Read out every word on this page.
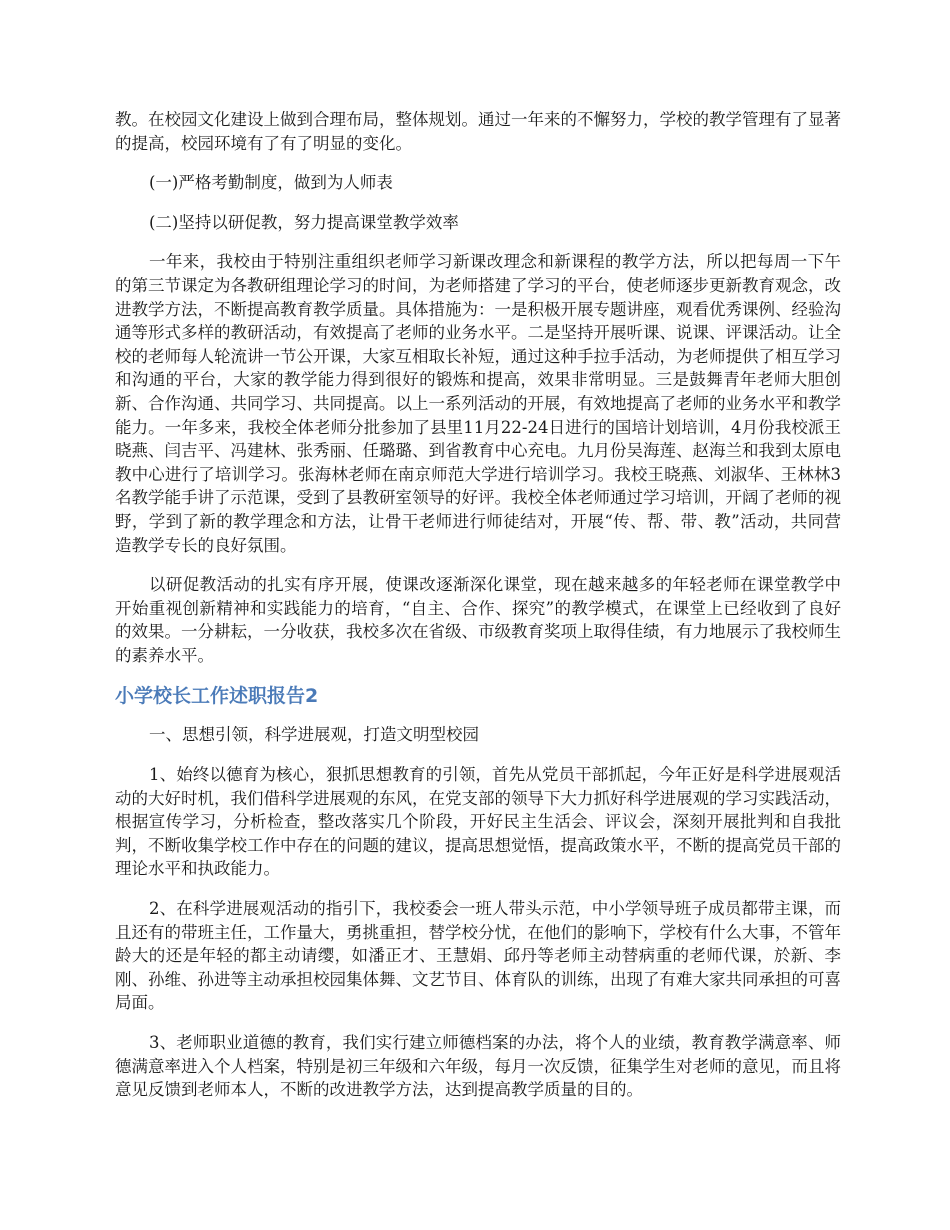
教。在校园文化建设上做到合理布局，整体规划。通过一年来的不懈努力，学校的教学管理有了显著的提高，校园环境有了有了明显的变化。

(一)严格考勤制度，做到为人师表

(二)坚持以研促教，努力提高课堂教学效率

一年来，我校由于特别注重组织老师学习新课改理念和新课程的教学方法，所以把每周一下午的第三节课定为各教研组理论学习的时间，为老师搭建了学习的平台，使老师逐步更新教育观念，改进教学方法，不断提高教育教学质量。具体措施为：一是积极开展专题讲座，观看优秀课例、经验沟通等形式多样的教研活动，有效提高了老师的业务水平。二是坚持开展听课、说课、评课活动。让全校的老师每人轮流讲一节公开课，大家互相取长补短，通过这种手拉手活动，为老师提供了相互学习和沟通的平台，大家的教学能力得到很好的锻炼和提高，效果非常明显。三是鼓舞青年老师大胆创新、合作沟通、共同学习、共同提高。以上一系列活动的开展，有效地提高了老师的业务水平和教学能力。一年多来，我校全体老师分批参加了县里11月22-24日进行的国培计划培训，4月份我校派王晓燕、闫吉平、冯建林、张秀丽、任璐璐、到省教育中心充电。九月份吴海莲、赵海兰和我到太原电教中心进行了培训学习。张海林老师在南京师范大学进行培训学习。我校王晓燕、刘淑华、王林林3名教学能手讲了示范课，受到了县教研室领导的好评。我校全体老师通过学习培训，开阔了老师的视野，学到了新的教学理念和方法，让骨干老师进行师徒结对，开展“传、帮、带、教”活动，共同营造教学专长的良好氛围。

以研促教活动的扎实有序开展，使课改逐渐深化课堂，现在越来越多的年轻老师在课堂教学中开始重视创新精神和实践能力的培育，“自主、合作、探究”的教学模式，在课堂上已经收到了良好的效果。一分耕耘，一分收获，我校多次在省级、市级教育奖项上取得佳绩，有力地展示了我校师生的素养水平。

小学校长工作述职报告2

一、思想引领，科学进展观，打造文明型校园

1、始终以德育为核心，狠抓思想教育的引领，首先从党员干部抓起，今年正好是科学进展观活动的大好时机，我们借科学进展观的东风，在党支部的领导下大力抓好科学进展观的学习实践活动，根据宣传学习，分析检查，整改落实几个阶段，开好民主生活会、评议会，深刻开展批判和自我批判，不断收集学校工作中存在的问题的建议，提高思想觉悟，提高政策水平，不断的提高党员干部的理论水平和执政能力。

2、在科学进展观活动的指引下，我校委会一班人带头示范，中小学领导班子成员都带主课，而且还有的带班主任，工作量大，勇挑重担，替学校分忧，在他们的影响下，学校有什么大事，不管年龄大的还是年轻的都主动请缨，如潘正才、王慧娟、邱丹等老师主动替病重的老师代课，於新、李刚、孙维、孙进等主动承担校园集体舞、文艺节目、体育队的训练，出现了有难大家共同承担的可喜局面。

3、老师职业道德的教育，我们实行建立师德档案的办法，将个人的业绩，教育教学满意率、师德满意率进入个人档案，特别是初三年级和六年级，每月一次反馈，征集学生对老师的意见，而且将意见反馈到老师本人，不断的改进教学方法，达到提高教学质量的目的。
